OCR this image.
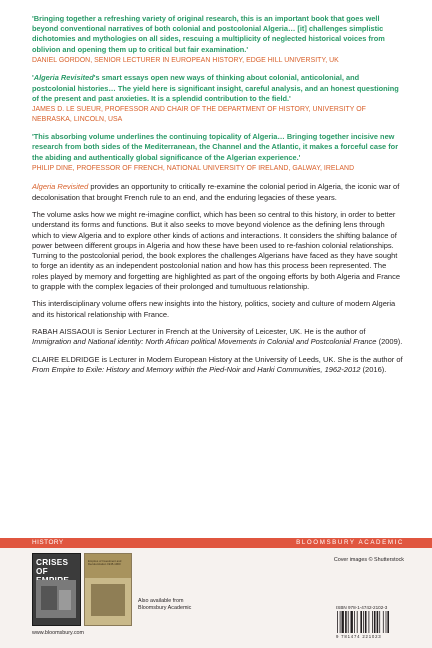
'Bringing together a refreshing variety of original research, this is an important book that goes well beyond conventional narratives of both colonial and postcolonial Algeria… [it] challenges simplistic dichotomies and mythologies on all sides, rescuing a multiplicity of neglected historical voices from oblivion and opening them up to critical but fair examination.'

DANIEL GORDON, SENIOR LECTURER IN EUROPEAN HISTORY, EDGE HILL UNIVERSITY, UK

'Algeria Revisited's smart essays open new ways of thinking about colonial, anticolonial, and postcolonial histories… The yield here is significant insight, careful analysis, and an honest questioning of the present and past anxieties. It is a splendid contribution to the field.'

JAMES D. LE SUEUR, PROFESSOR AND CHAIR OF THE DEPARTMENT OF HISTORY, UNIVERSITY OF NEBRASKA, LINCOLN, USA

'This absorbing volume underlines the continuing topicality of Algeria… Bringing together incisive new research from both sides of the Mediterranean, the Channel and the Atlantic, it makes a forceful case for the abiding and authentically global significance of the Algerian experience.'

PHILIP DINE, PROFESSOR OF FRENCH, NATIONAL UNIVERSITY OF IRELAND, GALWAY, IRELAND

Algeria Revisited provides an opportunity to critically re-examine the colonial period in Algeria, the iconic war of decolonisation that brought French rule to an end, and the enduring legacies of these years.

The volume asks how we might re-imagine conflict, which has been so central to this history, in order to better understand its forms and functions. But it also seeks to move beyond violence as the defining lens through which to view Algeria and to explore other kinds of actions and interactions. It considers the shifting balance of power between different groups in Algeria and how these have been used to re-fashion colonial relationships. Turning to the postcolonial period, the book explores the challenges Algerians have faced as they have sought to forge an identity as an independent postcolonial nation and how has this process been represented. The roles played by memory and forgetting are highlighted as part of the ongoing efforts by both Algeria and France to grapple with the complex legacies of their prolonged and tumultuous relationship.

This interdisciplinary volume offers new insights into the history, politics, society and culture of modern Algeria and its historical relationship with France.

RABAH AISSAOUI is Senior Lecturer in French at the University of Leicester, UK. He is the author of Immigration and National identity: North African political Movements in Colonial and Postcolonial France (2009).

CLAIRE ELDRIDGE is Lecturer in Modern European History at the University of Leeds, UK. She is the author of From Empire to Exile: History and Memory within the Pied-Noir and Harki Communities, 1962-2012 (2016).

HISTORY	BLOOMSBURY ACADEMIC
Cover images © Shutterstock
CRISES OF
Empires of Investment and Decolonization 1945-1960
Also available from
Bloomsbury Academic
www.bloomsbury.com
ISBN 978-1-4742-2102-3
9 781474 221023
